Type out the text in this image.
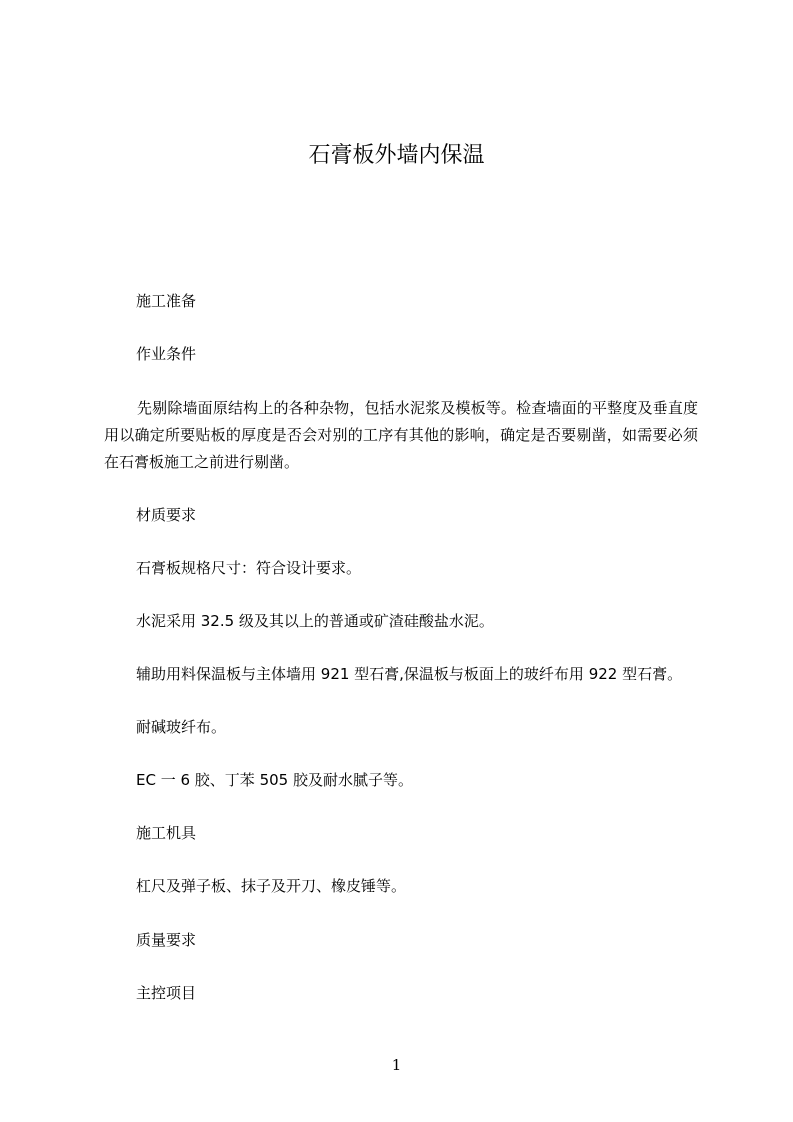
石膏板外墙内保温
施工准备
作业条件

先剔除墙面原结构上的各种杂物，包括水泥浆及模板等。检查墙面的平整度及垂直度用以确定所要贴板的厚度是否会对别的工序有其他的影响，确定是否要剔凿，如需要必须在石膏板施工之前进行剔凿。

材质要求
石膏板规格尺寸：符合设计要求。
水泥采用 32.5 级及其以上的普通或矿渣硅酸盐水泥。
辅助用料保温板与主体墙用 921 型石膏,保温板与板面上的玻纤布用 922 型石膏。
耐碱玻纤布。
EC 一 6 胶、丁苯 505 胶及耐水腻子等。
施工机具
杠尺及弹子板、抹子及开刀、橡皮锤等。
质量要求
主控项目
1
